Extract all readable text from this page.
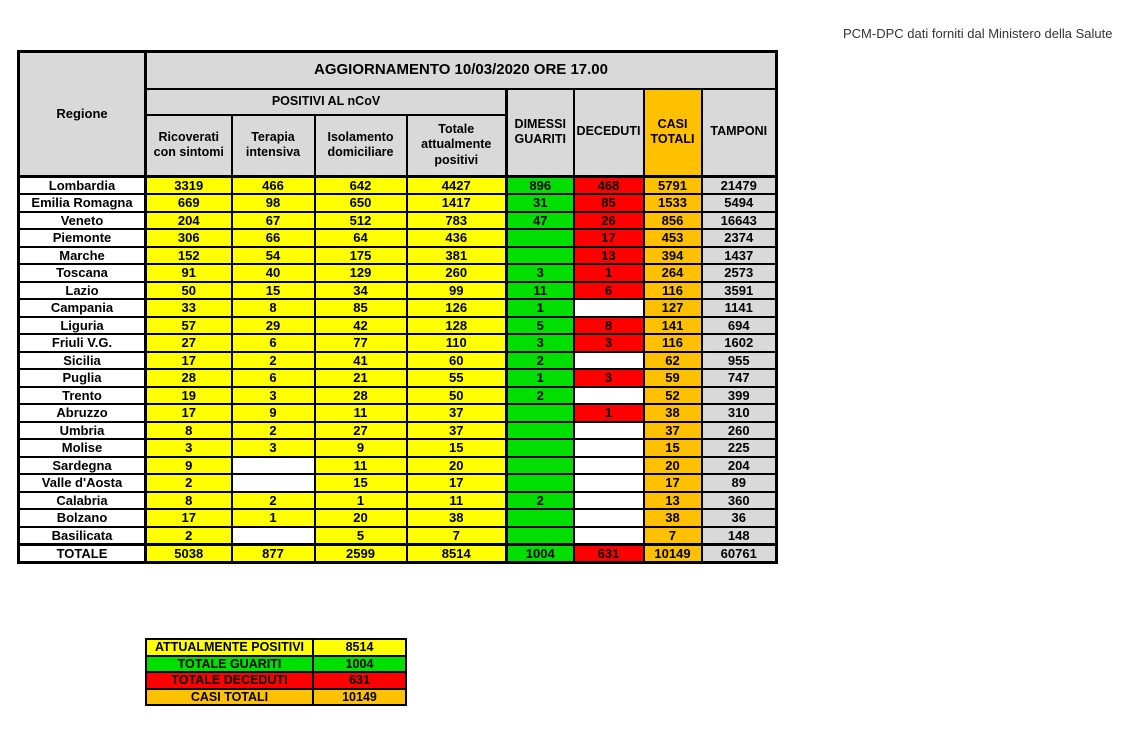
PCM-DPC dati forniti dal Ministero della Salute
Regione	AGGIORNAMENTO 10/03/2020 ORE 17.00							
	POSITIVI AL nCoV				DIMESSI GUARITI	DECEDUTI	CASI TOTALI	TAMPONI
	Ricoverati con sintomi	Terapia intensiva	Isolamento domiciliare	Totale attualmente positivi				
Lombardia	3319	466	642	4427	896	468	5791	21479
Emilia Romagna	669	98	650	1417	31	85	1533	5494
Veneto	204	67	512	783	47	26	856	16643
Piemonte	306	66	64	436		17	453	2374
Marche	152	54	175	381		13	394	1437
Toscana	91	40	129	260	3	1	264	2573
Lazio	50	15	34	99	11	6	116	3591
Campania	33	8	85	126	1		127	1141
Liguria	57	29	42	128	5	8	141	694
Friuli V.G.	27	6	77	110	3	3	116	1602
Sicilia	17	2	41	60	2		62	955
Puglia	28	6	21	55	1	3	59	747
Trento	19	3	28	50	2		52	399
Abruzzo	17	9	11	37		1	38	310
Umbria	8	2	27	37			37	260
Molise	3	3	9	15			15	225
Sardegna	9		11	20			20	204
Valle d'Aosta	2		15	17			17	89
Calabria	8	2	1	11	2		13	360
Bolzano	17	1	20	38			38	36
Basilicata	2		5	7			7	148
TOTALE	5038	877	2599	8514	1004	631	10149	60761
ATTUALMENTE POSITIVI	8514
TOTALE GUARITI	1004
TOTALE DECEDUTI	631
CASI TOTALI	10149
